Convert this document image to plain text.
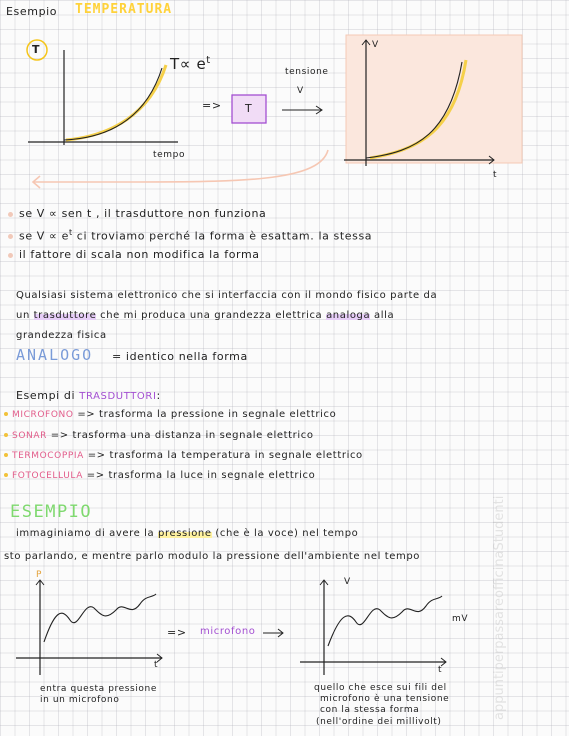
Esempio TEMPERATURA
T
$T\propto e^t$
tempo
=> T
tensione
V
V
t
se V ∝ sen t , il trasduttore non funziona
se $V \propto e^t$ ci troviamo perché la forma è esattam. la stessa
il fattore di scala non modifica la forma
Qualsiasi sistema elettronico che si interfaccia con il mondo fisico parte da
un trasduttore che mi produca una grandezza elettrica analoga alla
grandezza fisica
ANALOGO = identico nella forma
Esempi di TRASDUTTORI:
MICROFONO => trasforma la pressione in segnale elettrico
SONAR => trasforma una distanza in segnale elettrico
TERMOCOPPIA => trasforma la temperatura in segnale elettrico
FOTOCELLULA => trasforma la luce in segnale elettrico
ESEMPIO
immaginiamo di avere la pressione (che è la voce) nel tempo
sto parlando, e mentre parlo modulo la pressione dell'ambiente nel tempo
P
t
=> microfono
V
t
mV
entra questa pressione
in un microfono
quello che esce sui fili del
microfono è una tensione
con la stessa forma
(nell'ordine dei millivolt)
appuntiperpassareofficinaStudenti
